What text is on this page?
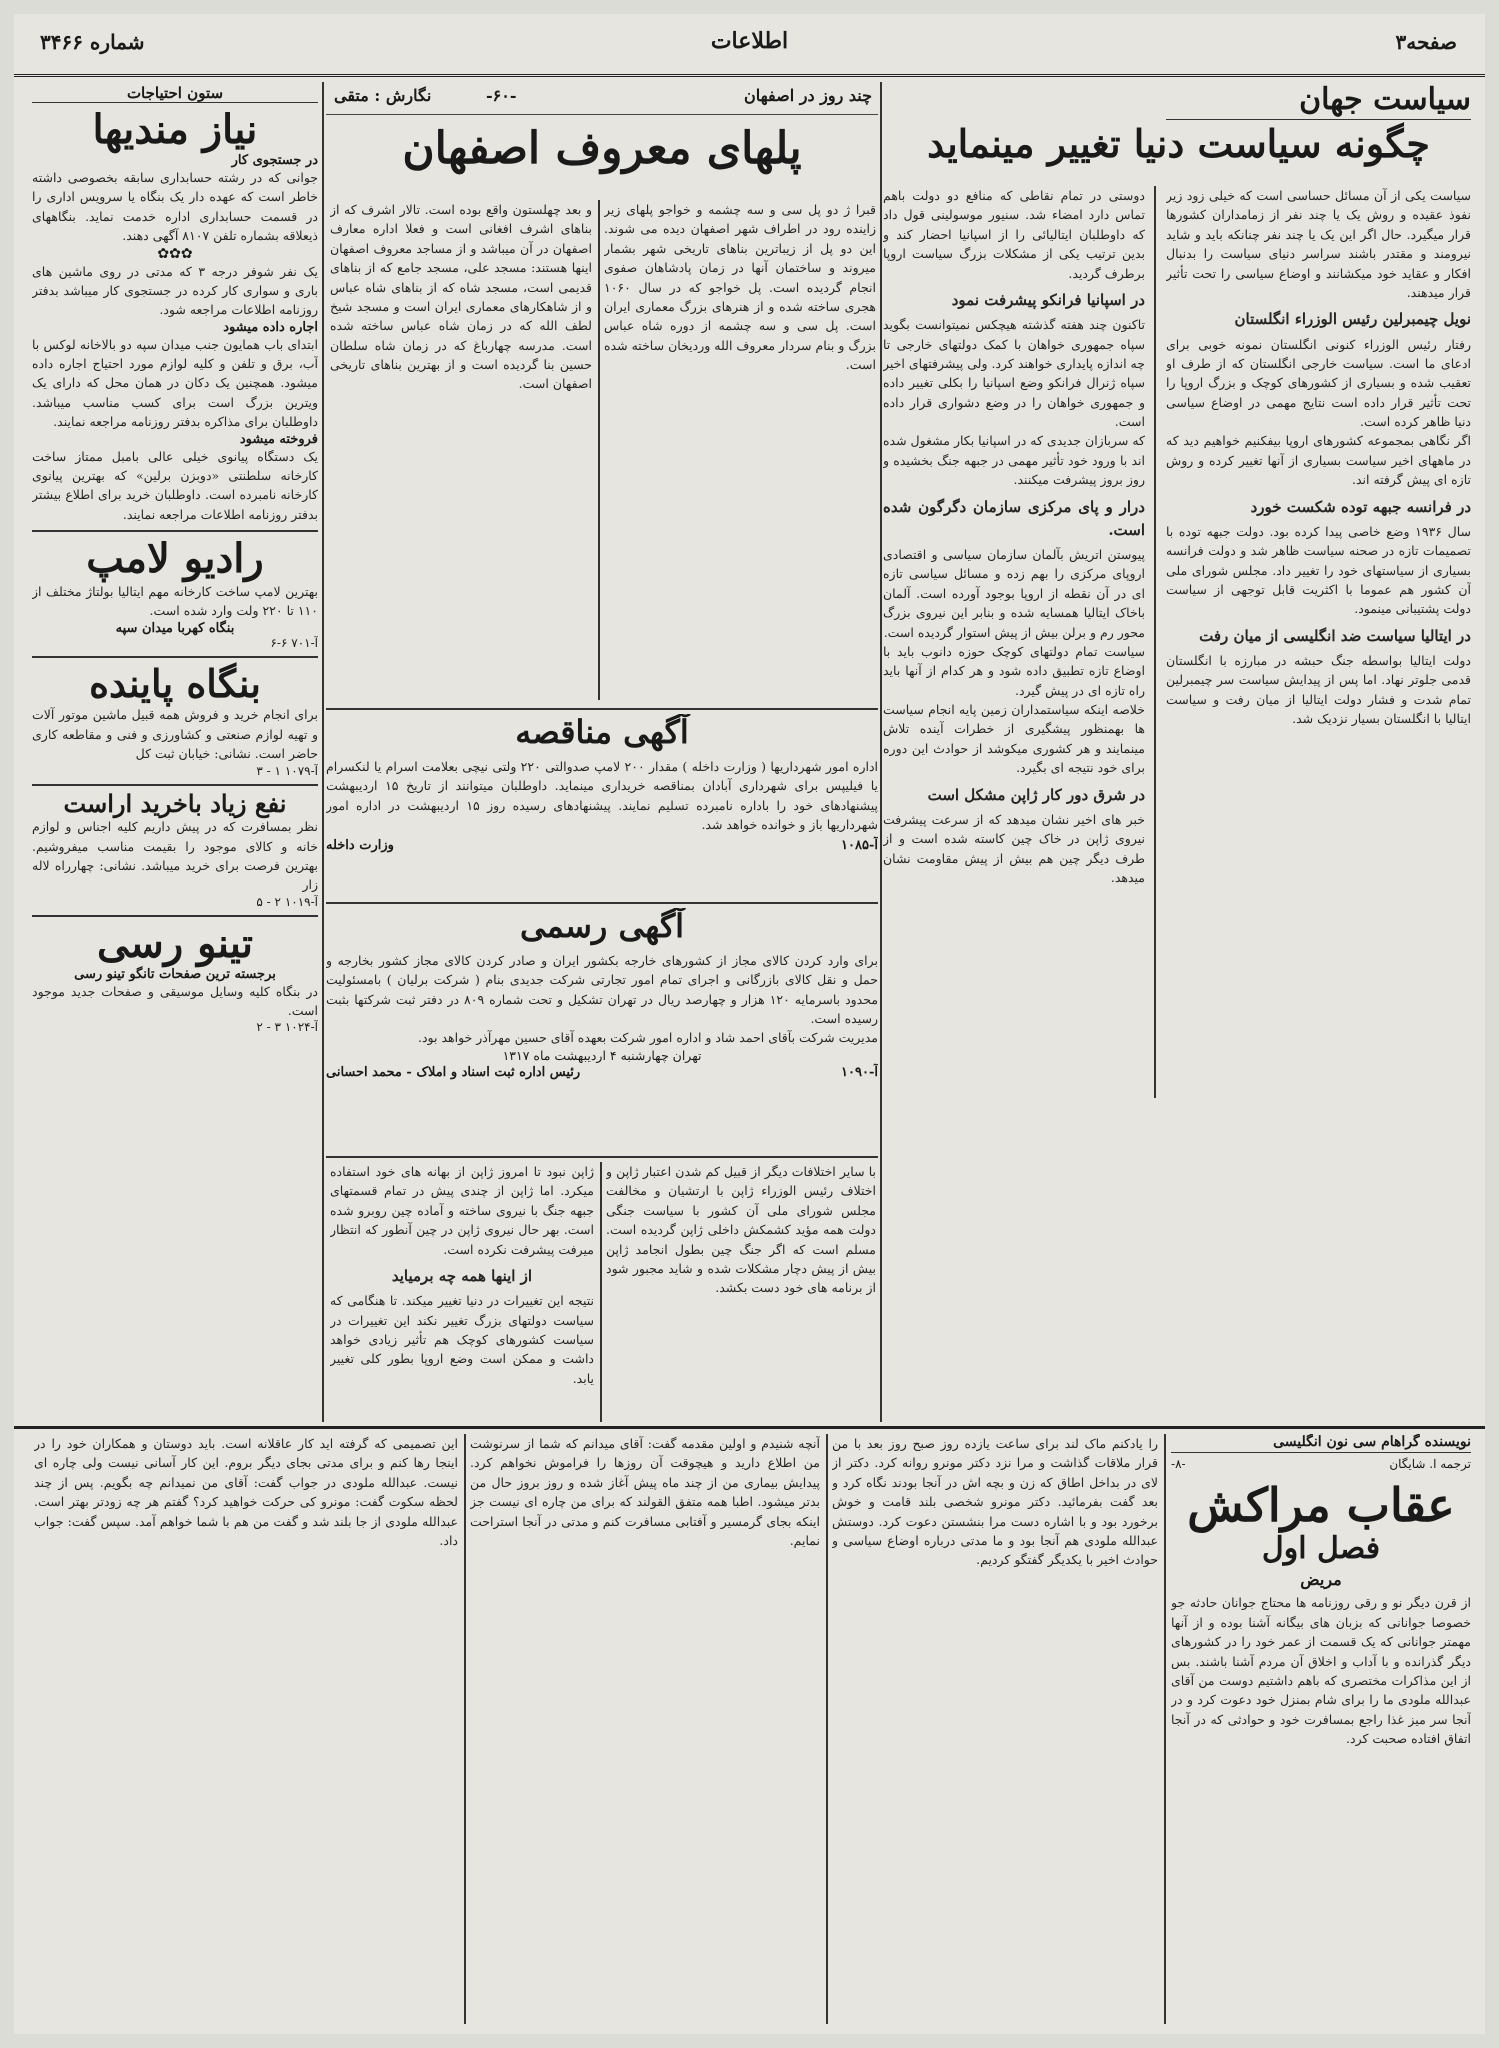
صفحه۳
اطلاعات
شماره ۳۴۶۶
سیاست جهان
چگونه سیاست دنیا تغییر مینماید
سیاست یکی از آن مسائل حساسی است که خیلی زود زیر نفوذ عقیده و روش یک یا چند نفر از زمامداران کشورها قرار میگیرد. حال اگر این یک یا چند نفر چنانکه باید و شاید نیرومند و مقتدر باشند سراسر دنیای سیاست را بدنبال افکار و عقاید خود میکشانند و اوضاع سیاسی را تحت تأثیر قرار میدهند.
نویل چیمبرلین رئیس الوزراء انگلستان
رفتار رئیس الوزراء کنونی انگلستان نمونه خوبی برای ادعای ما است. سیاست خارجی انگلستان که از طرف او تعقیب شده و بسیاری از کشورهای کوچک و بزرگ اروپا را تحت تأثیر قرار داده است نتایج مهمی در اوضاع سیاسی دنیا ظاهر کرده است.
اگر نگاهی بمجموعه کشورهای اروپا بیفکنیم خواهیم دید که در ماههای اخیر سیاست بسیاری از آنها تغییر کرده و روش تازه ای پیش گرفته اند.
در فرانسه جبهه توده شکست خورد
سال ۱۹۳۶ وضع خاصی پیدا کرده بود. دولت جبهه توده با تصمیمات تازه در صحنه سیاست ظاهر شد و دولت فرانسه بسیاری از سیاستهای خود را تغییر داد. مجلس شورای ملی آن کشور هم عموما با اکثریت قابل توجهی از سیاست دولت پشتیبانی مینمود.
در ایتالیا سیاست ضد انگلیسی از میان رفت
دولت ایتالیا بواسطه جنگ حبشه در مبارزه با انگلستان قدمی جلوتر نهاد. اما پس از پیدایش سیاست سر چیمبرلین تمام شدت و فشار دولت ایتالیا از میان رفت و سیاست ایتالیا با انگلستان بسیار نزدیک شد.
دوستی در تمام نقاطی که منافع دو دولت باهم تماس دارد امضاء شد. سنیور موسولینی قول داد که داوطلبان ایتالیائی را از اسپانیا احضار کند و بدین ترتیب یکی از مشکلات بزرگ سیاست اروپا برطرف گردید.
در اسپانیا فرانکو پیشرفت نمود
تاکنون چند هفته گذشته هیچکس نمیتوانست بگوید سپاه جمهوری خواهان با کمک دولتهای خارجی تا چه اندازه پایداری خواهند کرد. ولی پیشرفتهای اخیر سپاه ژنرال فرانکو وضع اسپانیا را بکلی تغییر داده و جمهوری خواهان را در وضع دشواری قرار داده است.
که سربازان جدیدی که در اسپانیا بکار مشغول شده اند با ورود خود تأثیر مهمی در جبهه جنگ بخشیده و روز بروز پیشرفت میکنند.
درار و پای مرکزی سازمان دگرگون شده است.
پیوستن اتریش بآلمان سازمان سیاسی و اقتصادی اروپای مرکزی را بهم زده و مسائل سیاسی تازه ای در آن نقطه از اروپا بوجود آورده است. آلمان باخاک ایتالیا همسایه شده و بنابر این نیروی بزرگ محور رم و برلن بیش از پیش استوار گردیده است.
سیاست تمام دولتهای کوچک حوزه دانوب باید با اوضاع تازه تطبیق داده شود و هر کدام از آنها باید راه تازه ای در پیش گیرد.
خلاصه اینکه سیاستمداران زمین پایه انجام سیاست ها بهمنظور پیشگیری از خطرات آینده تلاش مینمایند و هر کشوری میکوشد از حوادث این دوره برای خود نتیجه ای بگیرد.
در شرق دور کار ژاپن مشکل است
خبر های اخیر نشان میدهد که از سرعت پیشرفت نیروی ژاپن در خاک چین کاسته شده است و از طرف دیگر چین هم بیش از پیش مقاومت نشان میدهد.
چند روز در اصفهان
-۶۰-
نگارش : متقی
پلهای معروف اصفهان
قبرا ژ دو پل سی و سه چشمه و خواجو پلهای زیر زاینده رود در اطراف شهر اصفهان دیده می شوند. این دو پل از زیباترین بناهای تاریخی شهر بشمار میروند و ساختمان آنها در زمان پادشاهان صفوی انجام گردیده است. پل خواجو که در سال ۱۰۶۰ هجری ساخته شده و از هنرهای بزرگ معماری ایران است. پل سی و سه چشمه از دوره شاه عباس بزرگ و بنام سردار معروف الله وردیخان ساخته شده است.
و بعد چهلستون واقع بوده است. تالار اشرف که از بناهای اشرف افغانی است و فعلا اداره معارف اصفهان در آن میباشد و از مساجد معروف اصفهان اینها هستند: مسجد علی، مسجد جامع که از بناهای قدیمی است، مسجد شاه که از بناهای شاه عباس و از شاهکارهای معماری ایران است و مسجد شیخ لطف الله که در زمان شاه عباس ساخته شده است. مدرسه چهارباغ که در زمان شاه سلطان حسین بنا گردیده است و از بهترین بناهای تاریخی اصفهان است.
آگهی مناقصه
اداره امور شهرداریها ( وزارت داخله ) مقدار ۲۰۰ لامپ صدوالتی ۲۲۰ ولتی نیچی بعلامت اسرام یا لنکسرام یا فیلیپس برای شهرداری آبادان بمناقصه خریداری مینماید. داوطلبان میتوانند از تاریخ ۱۵ اردیبهشت پیشنهادهای خود را باداره نامبرده تسلیم نمایند. پیشنهادهای رسیده روز ۱۵ اردیبهشت در اداره امور شهرداریها باز و خوانده خواهد شد.
آ-۱۰۸۵
وزارت داخله
آگهی رسمی
برای وارد کردن کالای مجاز از کشورهای خارجه بکشور ایران و صادر کردن کالای مجاز کشور بخارجه و حمل و نقل کالای بازرگانی و اجرای تمام امور تجارتی شرکت جدیدی بنام ( شرکت برلیان ) بامسئولیت محدود باسرمایه ۱۲۰ هزار و چهارصد ریال در تهران تشکیل و تحت شماره ۸۰۹ در دفتر ثبت شرکتها بثبت رسیده است.
مدیریت شرکت بآقای احمد شاد و اداره امور شرکت بعهده آقای حسین مهرآذر خواهد بود.
تهران چهارشنبه ۴ اردیبهشت ماه ۱۳۱۷
آ-۱۰۹۰
رئیس اداره ثبت اسناد و املاک - محمد احسانی
با سایر اختلافات دیگر از قبیل کم شدن اعتبار ژاپن و اختلاف رئیس الوزراء ژاپن با ارتشیان و مخالفت مجلس شورای ملی آن کشور با سیاست جنگی دولت همه مؤید کشمکش داخلی ژاپن گردیده است. مسلم است که اگر جنگ چین بطول انجامد ژاپن بیش از پیش دچار مشکلات شده و شاید مجبور شود از برنامه های خود دست بکشد.
ژاپن نبود تا امروز ژاپن از بهانه های خود استفاده میکرد. اما ژاپن از چندی پیش در تمام قسمتهای جبهه جنگ با نیروی ساخته و آماده چین روبرو شده است. بهر حال نیروی ژاپن در چین آنطور که انتظار میرفت پیشرفت نکرده است.
از اینها همه چه برمیاید
نتیجه این تغییرات در دنیا تغییر میکند. تا هنگامی که سیاست دولتهای بزرگ تغییر نکند این تغییرات در سیاست کشورهای کوچک هم تأثیر زیادی خواهد داشت و ممکن است وضع اروپا بطور کلی تغییر یابد.
ستون احتیاجات
نیاز مندیها
در جستجوی کار
جوانی که در رشته حسابداری سابقه بخصوصی داشته خاطر است که عهده دار یک بنگاه یا سرویس اداری را در قسمت حسابداری اداره خدمت نماید. بنگاههای ذیعلاقه بشماره تلفن ۸۱۰۷ آگهی دهند.
✿✿✿
یک نفر شوفر درجه ۳ که مدتی در روی ماشین های باری و سواری کار کرده در جستجوی کار میباشد بدفتر روزنامه اطلاعات مراجعه شود.
اجاره داده میشود
ابتدای باب همایون جنب میدان سپه دو بالاخانه لوکس با آب، برق و تلفن و کلیه لوازم مورد احتیاج اجاره داده میشود. همچنین یک دکان در همان محل که دارای یک ویترین بزرگ است برای کسب مناسب میباشد. داوطلبان برای مذاکره بدفتر روزنامه مراجعه نمایند.
فروخته میشود
یک دستگاه پیانوی خیلی عالی بامبل ممتاز ساخت کارخانه سلطنتی «دوبزن برلین» که بهترین پیانوی کارخانه نامبرده است. داوطلبان خرید برای اطلاع بیشتر بدفتر روزنامه اطلاعات مراجعه نمایند.
رادیو لامپ
بهترین لامپ ساخت کارخانه مهم ایتالیا بولتاژ مختلف از ۱۱۰ تا ۲۲۰ ولت وارد شده است.
بنگاه کهربا میدان سپه
آ-۷۰۱ ۶-۶
بنگاه پاینده
برای انجام خرید و فروش همه قبیل ماشین موتور آلات و تهیه لوازم صنعتی و کشاورزی و فنی و مقاطعه کاری حاضر است. نشانی: خیابان ثبت کل
آ-۱۰۷۹ ۱ - ۳
نفع زیاد باخرید اراست
نظر بمسافرت که در پیش داریم کلیه اجناس و لوازم خانه و کالای موجود را بقیمت مناسب میفروشیم. بهترین فرصت برای خرید میباشد. نشانی: چهارراه لاله زار
آ-۱۰۱۹ ۲ - ۵
تینو رسی
برجسته ترین صفحات تانگو تینو رسی
در بنگاه کلیه وسایل موسیقی و صفحات جدید موجود است.
آ-۱۰۲۴ ۳ - ۲
نویسنده گراهام سی نون انگلیسی
ترجمه ا. شایگان
-۸-
عقاب مراکش
فصل اول
مریض
از قرن دیگر نو و رقی روزنامه ها محتاج جوانان حادثه جو خصوصا جوانانی که بزبان های بیگانه آشنا بوده و از آنها مهمتر جوانانی که یک قسمت از عمر خود را در کشورهای دیگر گذرانده و با آداب و اخلاق آن مردم آشنا باشند. بس از این مذاکرات مختصری که باهم داشتیم دوست من آقای عبدالله ملودی ما را برای شام بمنزل خود دعوت کرد و در آنجا سر میز غذا راجع بمسافرت خود و حوادثی که در آنجا اتفاق افتاده صحبت کرد.
را یادکنم ماک لند برای ساعت یازده روز صبح روز بعد با من قرار ملاقات گذاشت و مرا نزد دکتر مونرو روانه کرد. دکتر از لای در بداخل اطاق که زن و بچه اش در آنجا بودند نگاه کرد و بعد گفت بفرمائید. دکتر مونرو شخصی بلند قامت و خوش برخورد بود و با اشاره دست مرا بنشستن دعوت کرد. دوستش عبدالله ملودی هم آنجا بود و ما مدتی درباره اوضاع سیاسی و حوادث اخیر با یکدیگر گفتگو کردیم.
آنچه شنیدم و اولین مقدمه گفت: آقای میدانم که شما از سرنوشت من اطلاع دارید و هیچوقت آن روزها را فراموش نخواهم کرد. پیدایش بیماری من از چند ماه پیش آغاز شده و روز بروز حال من بدتر میشود. اطبا همه متفق القولند که برای من چاره ای نیست جز اینکه بجای گرمسیر و آفتابی مسافرت کنم و مدتی در آنجا استراحت نمایم.
این تصمیمی که گرفته اید کار عاقلانه است. باید دوستان و همکاران خود را در اینجا رها کنم و برای مدتی بجای دیگر بروم. این کار آسانی نیست ولی چاره ای نیست. عبدالله ملودی در جواب گفت: آقای من نمیدانم چه بگویم. پس از چند لحظه سکوت گفت: مونرو کی حرکت خواهید کرد؟ گفتم هر چه زودتر بهتر است. عبدالله ملودی از جا بلند شد و گفت من هم با شما خواهم آمد. سپس گفت: جواب داد.
